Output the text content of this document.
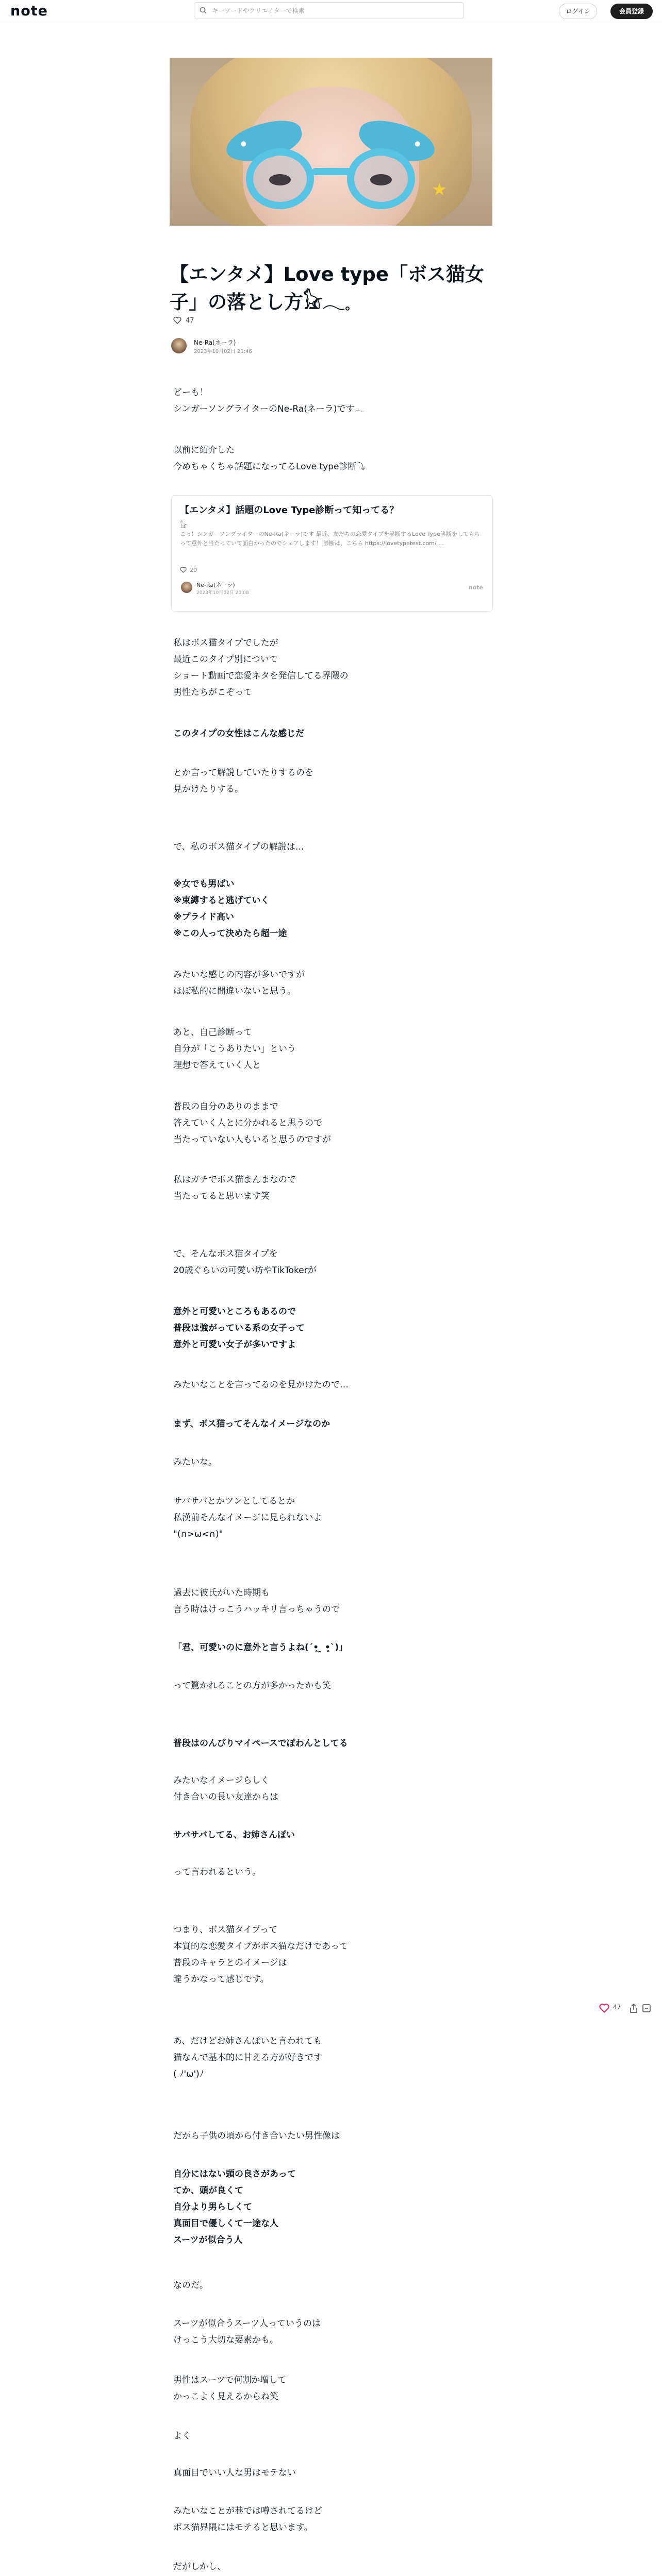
note
キーワードやクリエイターで検索	ログイン	会員登録
★
【エンタメ】Love type「ボス猫女子」の落とし方𓃠𓂃𓈒
47
Ne-Ra(ネーラ)
2023年10月02日 21:46

どーも！
シンガーソングライターのNe-Ra(ネーラ)です𓂃

以前に紹介した
今めちゃくちゃ話題になってるLove type診断⤵︎

【エンタメ】話題のLove Type診断って知ってる？
𓃠
こっ！シンガーソングライターのNe-Ra(ネーラ)です 最近、友だちの恋愛タイプを診断するLove Type診断をしてもらって意外と当たっていて面白かったのでシェアします！ 診断は、こちら https://lovetypetest.com/ ...
20
Ne-Ra(ネーラ)
2023年10月02日 20:08
note

私はボス猫タイプでしたが
最近このタイプ別について
ショート動画で恋愛ネタを発信してる界隈の
男性たちがこぞって

このタイプの女性はこんな感じだ

とか言って解説していたりするのを
見かけたりする。

で、私のボス猫タイプの解説は…

※女でも男ばい
※束縛すると逃げていく
※プライド高い
※この人って決めたら超一途

みたいな感じの内容が多いですが
ほぼ私的に間違いないと思う。

あと、自己診断って
自分が「こうありたい」という
理想で答えていく人と

普段の自分のありのままで
答えていく人とに分かれると思うので
当たっていない人もいると思うのですが

私はガチでボス猫まんまなので
当たってると思います笑

で、そんなボス猫タイプを
20歳ぐらいの可愛い坊やTikTokerが

意外と可愛いところもあるので
普段は強がっている系の女子って
意外と可愛い女子が多いですよ

みたいなことを言ってるのを見かけたので…

まず、ボス猫ってそんなイメージなのか

みたいな。

サバサバとかツンとしてるとか
私漢前そんなイメージに見られないよ
"(∩>ω<∩)"

過去に彼氏がいた時期も
言う時はけっこうハッキリ言っちゃうので

「君、可愛いのに意外と言うよね(´•̥ ̯ •̥`)」

って驚かれることの方が多かったかも笑

普段はのんびりマイペースでぽわんとしてる

みたいなイメージらしく
付き合いの長い友達からは

サバサバしてる、お姉さんぽい

って言われるという。

つまり、ボス猫タイプって
本質的な恋愛タイプがボス猫なだけであって
普段のキャラとのイメージは
違うかなって感じです。

あ、だけどお姉さんぽいと言われても
猫なんで基本的に甘える方が好きです
( ﾉ'ω')ﾉ

だから子供の頃から付き合いたい男性像は

自分にはない頭の良さがあって
てか、頭が良くて
自分より男らしくて
真面目で優しくて一途な人
スーツが似合う人

なのだ。

スーツが似合うスーツ人っていうのは
けっこう大切な要素かも。

男性はスーツで何割か増して
かっこよく見えるからね笑

よく

真面目でいい人な男はモテない

みたいなことが巷では噂されてるけど
ボス猫界隈にはモテると思います。

だがしかし、

47
